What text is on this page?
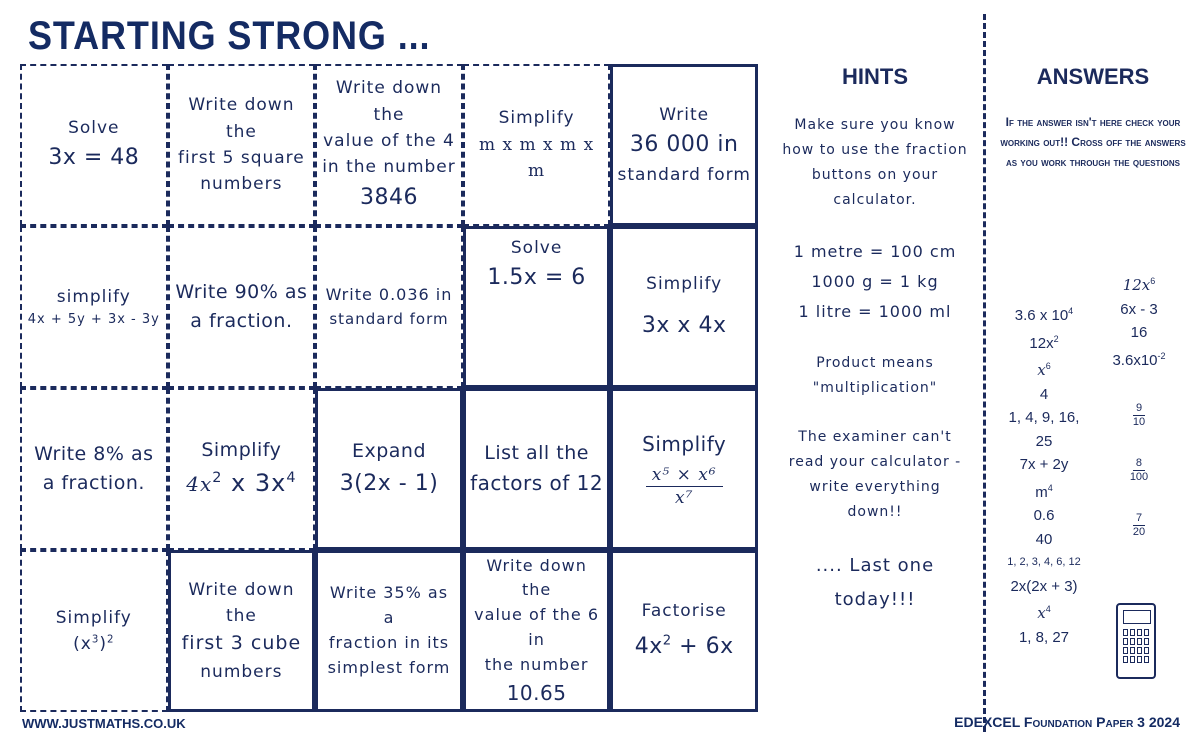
STARTING STRONG ...
Solve
3x = 48
Write down the
first 5 square
numbers
Write down the
value of the 4
in the number
3846
Simplify
m x m x m x m
Write
36 000 in
standard form
simplify
4x + 5y + 3x - 3y
Write 90% as
a fraction.
Write 0.036 in
standard form
Solve
1.5x = 6	Simplify
3x x 4x
Write 8% as
a fraction.
Simplify
$4x^2$ x $3x^4$
Expand
3(2x - 1)
List all the
factors of 12
Simplify
$\frac{\text{x⁵ × x⁶}}{\text{x⁷}}$
Simplify
$(x^3)^2$
Write down the
first 3 cube
numbers
Write 35% as a
fraction in its
simplest form
Write down the
value of the 6 in
the number
10.65
Factorise
$4x^2 + 6x$
HINTS

Make sure you know how to use the fraction buttons on your calculator.

1 metre = 100 cm
1000 g = 1 kg
1 litre = 1000 ml

Product means "multiplication"

The examiner can't read your calculator - write everything down!!

.... Last one today!!!

ANSWERS

If the answer isn't here check your working out!! Cross off the answers as you work through the questions

3.6 x $10^4$
$12x^2$
$x^6$
4
1, 4, 9, 16,
25
7x + 2y
$m^4$
0.6
40
1, 2, 3, 4, 6, 12
2x(2x + 3)
$x^4$
1, 8, 27
$12x^6$
6x - 3
16
$3.6x10^{-2}$
$\frac{9}{10}$
$\frac{8}{100}$
$\frac{7}{20}$
WWW.JUSTMATHS.CO.UK	EDEXCEL Foundation Paper 3 2024
